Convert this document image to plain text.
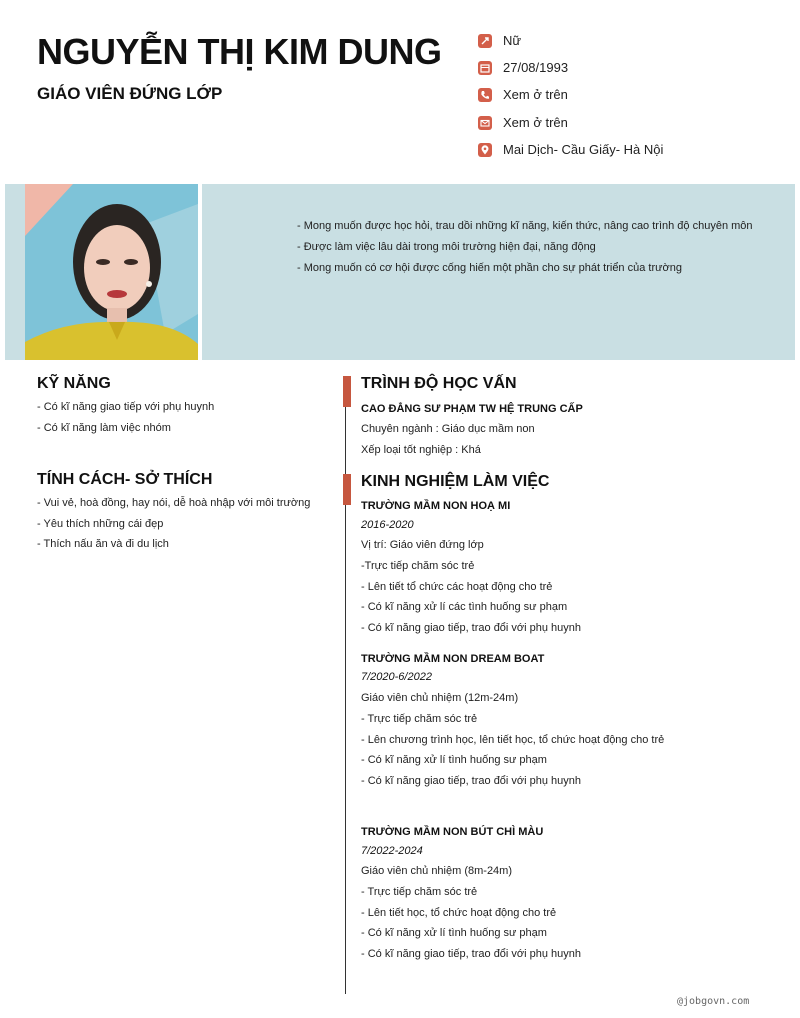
NGUYỄN THỊ KIM DUNG
GIÁO VIÊN ĐỨNG LỚP
Nữ
27/08/1993
Xem ở trên
Xem ở trên
Mai Dịch- Cầu Giấy- Hà Nội
- Mong muốn được học hỏi, trau dồi những kĩ năng, kiến thức, nâng cao trình độ chuyên môn
- Được làm việc lâu dài trong môi trường hiện đại, năng động
- Mong muốn có cơ hội được cống hiến một phần cho sự phát triển của trường
KỸ NĂNG
- Có kĩ năng giao tiếp với phụ huynh
- Có kĩ năng làm việc nhóm
TÍNH CÁCH- SỞ THÍCH
- Vui vẻ, hoà đồng, hay nói, dễ hoà nhập với môi trường
- Yêu thích những cái đẹp
- Thích nấu ăn và đi du lịch
TRÌNH ĐỘ HỌC VẤN
CAO ĐẲNG SƯ PHẠM TW HỆ TRUNG CẤP
Chuyên ngành : Giáo dục mầm non
Xếp loại tốt nghiệp : Khá
KINH NGHIỆM LÀM VIỆC
TRƯỜNG MẦM NON HOẠ MI
2016-2020
Vị trí: Giáo viên đứng lớp
-Trực tiếp chăm sóc trẻ
- Lên tiết tổ chức các hoạt động cho trẻ
- Có kĩ năng xử lí các tình huống sư phạm
- Có kĩ năng giao tiếp, trao đổi với phụ huynh
TRƯỜNG MẦM NON DREAM BOAT
7/2020-6/2022
Giáo viên chủ nhiệm (12m-24m)
- Trực tiếp chăm sóc trẻ
- Lên chương trình học, lên tiết học, tổ chức hoạt động cho trẻ
- Có kĩ năng xử lí tình huống sư phạm
- Có kĩ năng giao tiếp, trao đổi với phụ huynh
TRƯỜNG MẦM NON BÚT CHÌ MÀU
7/2022-2024
Giáo viên chủ nhiệm (8m-24m)
- Trực tiếp chăm sóc trẻ
- Lên tiết học, tổ chức hoạt động cho trẻ
- Có kĩ năng xử lí tình huống sư phạm
- Có kĩ năng giao tiếp, trao đổi với phụ huynh
@jobgovn.com
